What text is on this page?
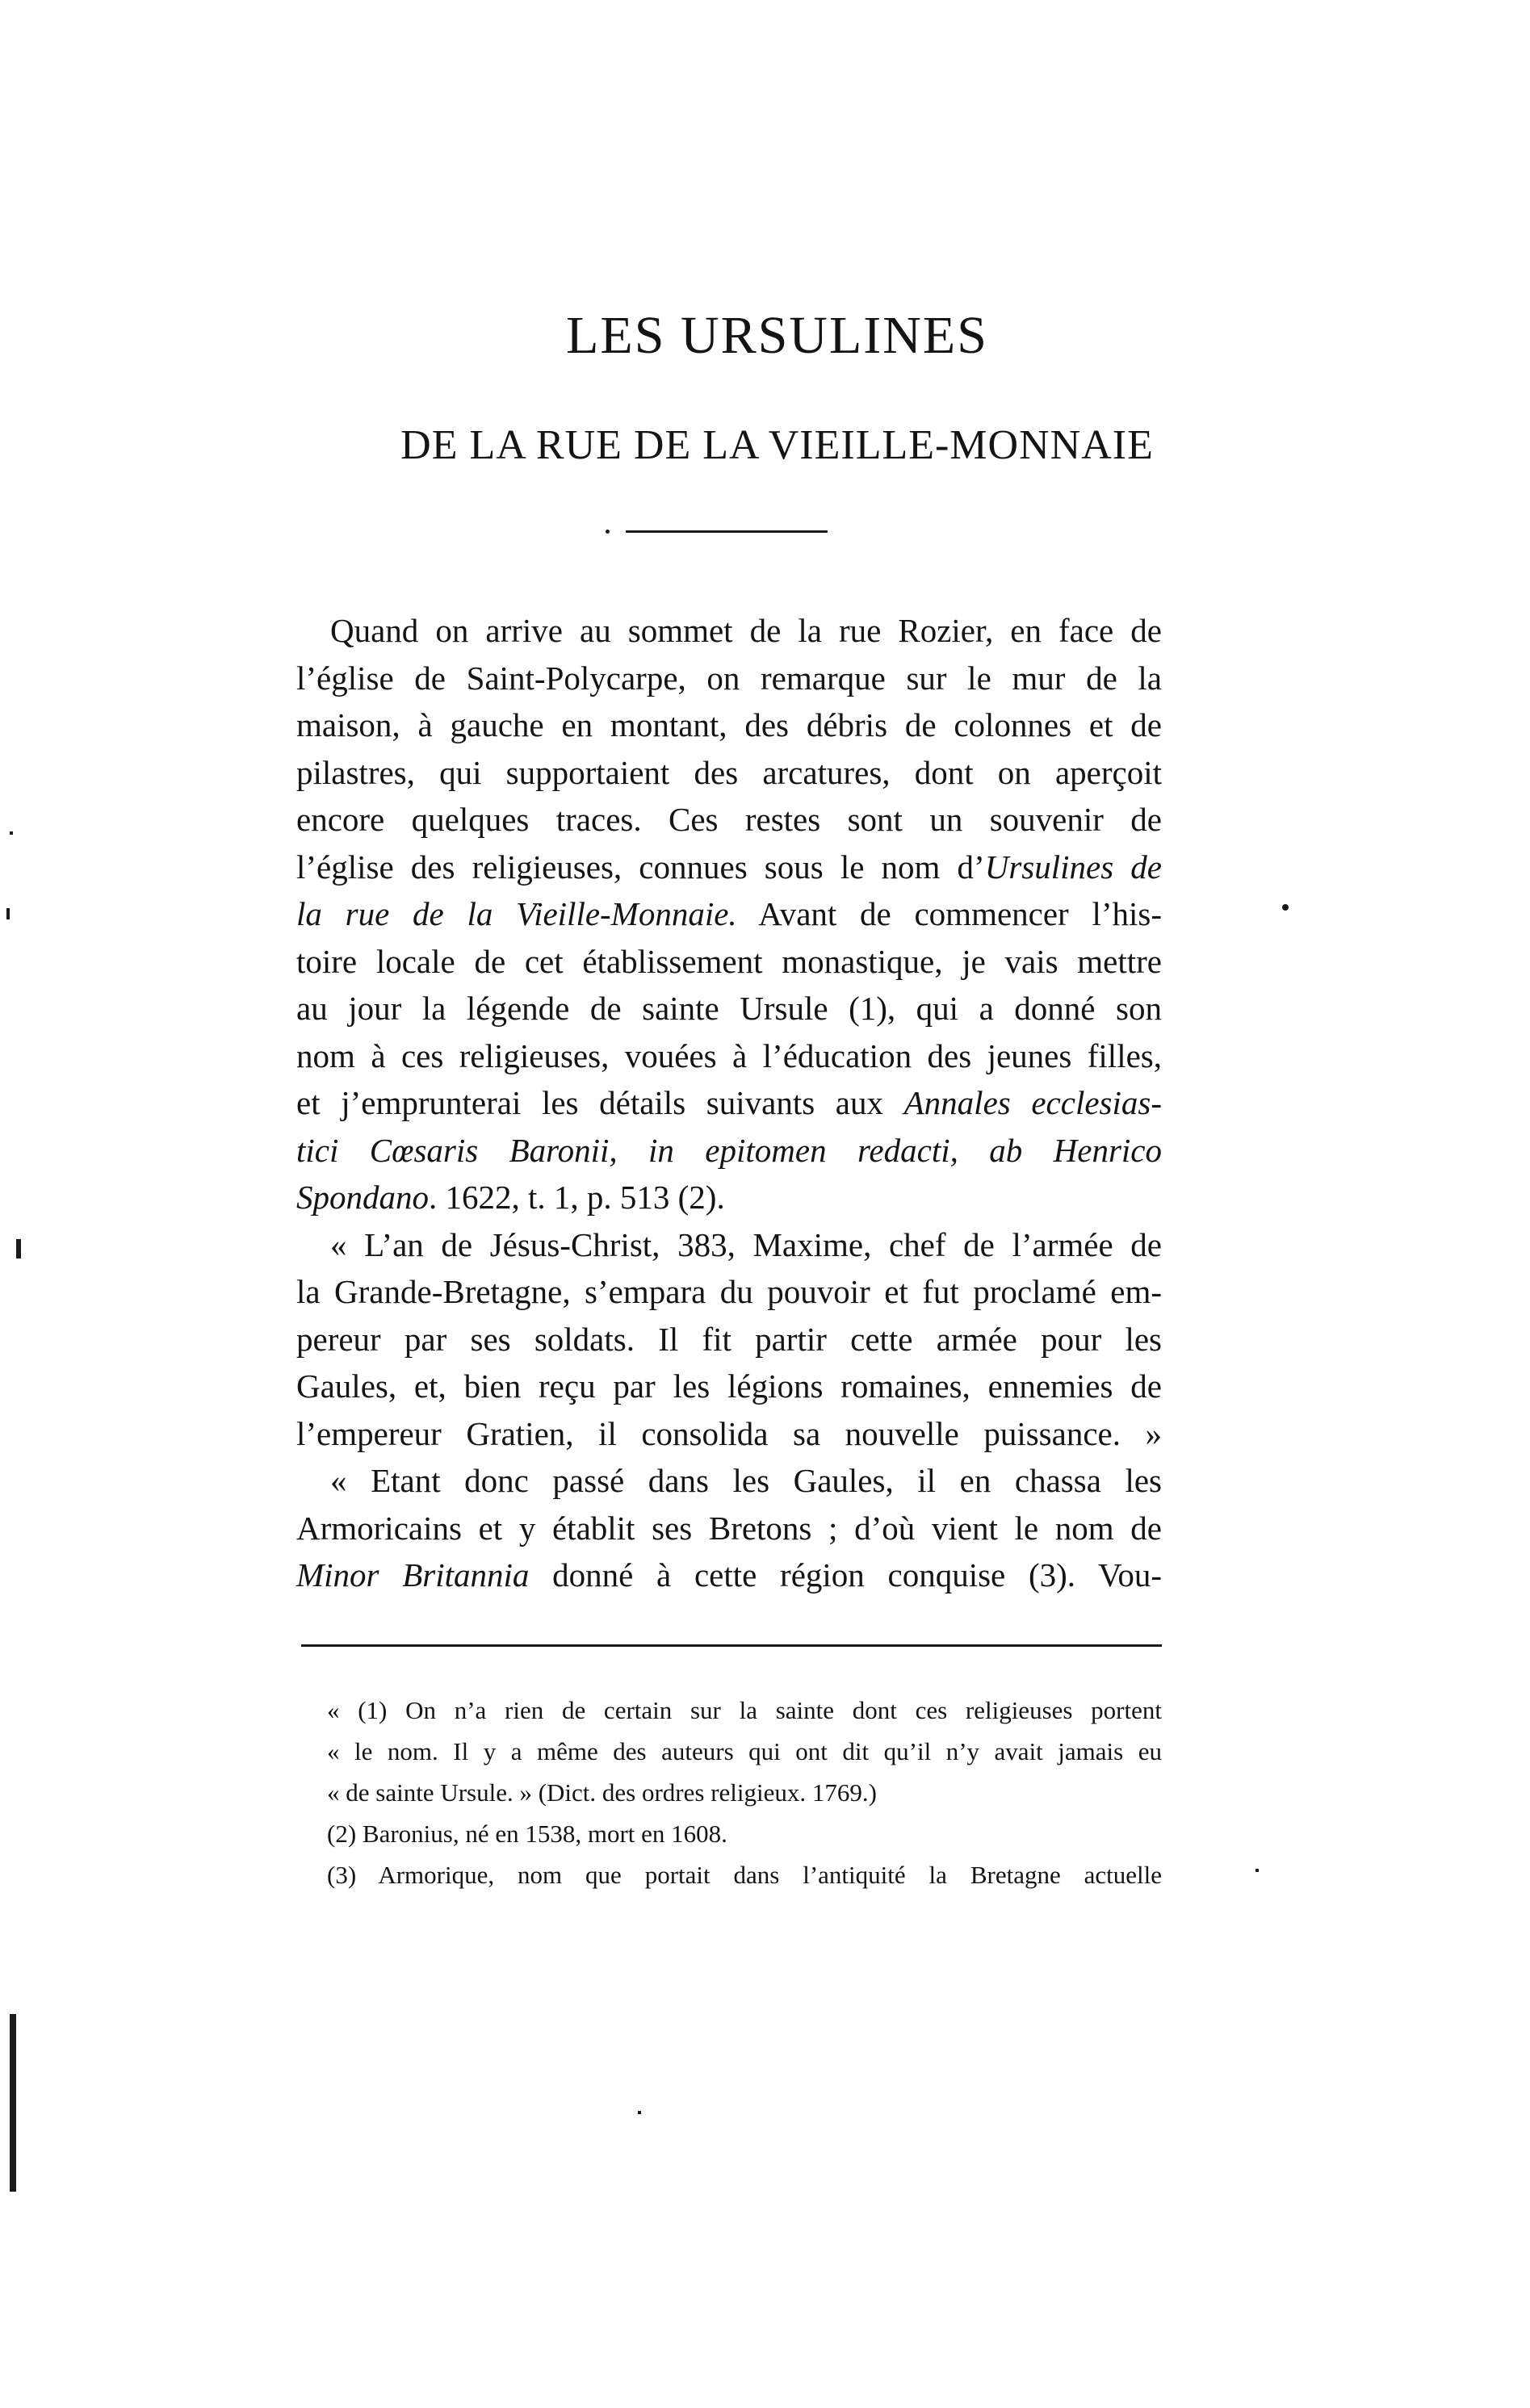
LES URSULINES
DE LA RUE DE LA VIEILLE-MONNAIE
Quand on arrive au sommet de la rue Rozier, en face de
l’église de Saint-Polycarpe, on remarque sur le mur de la
maison, à gauche en montant, des débris de colonnes et de
pilastres, qui supportaient des arcatures, dont on aperçoit
encore quelques traces. Ces restes sont un souvenir de
l’église des religieuses, connues sous le nom d’Ursulines de
la rue de la Vieille-Monnaie. Avant de commencer l’his-
toire locale de cet établissement monastique, je vais mettre
au jour la légende de sainte Ursule (1), qui a donné son
nom à ces religieuses, vouées à l’éducation des jeunes filles,
et j’emprunterai les détails suivants aux Annales ecclesias-
tici Cœsaris Baronii, in epitomen redacti, ab Henrico
Spondano. 1622, t. 1, p. 513 (2).
« L’an de Jésus-Christ, 383, Maxime, chef de l’armée de
la Grande-Bretagne, s’empara du pouvoir et fut proclamé em-
pereur par ses soldats. Il fit partir cette armée pour les
Gaules, et, bien reçu par les légions romaines, ennemies de
l’empereur Gratien, il consolida sa nouvelle puissance. »
« Etant donc passé dans les Gaules, il en chassa les
Armoricains et y établit ses Bretons ; d’où vient le nom de
Minor Britannia donné à cette région conquise (3). Vou-
« (1) On n’a rien de certain sur la sainte dont ces religieuses portent
« le nom. Il y a même des auteurs qui ont dit qu’il n’y avait jamais eu
« de sainte Ursule. » (Dict. des ordres religieux. 1769.)
(2) Baronius, né en 1538, mort en 1608.
(3) Armorique, nom que portait dans l’antiquité la Bretagne actuelle
